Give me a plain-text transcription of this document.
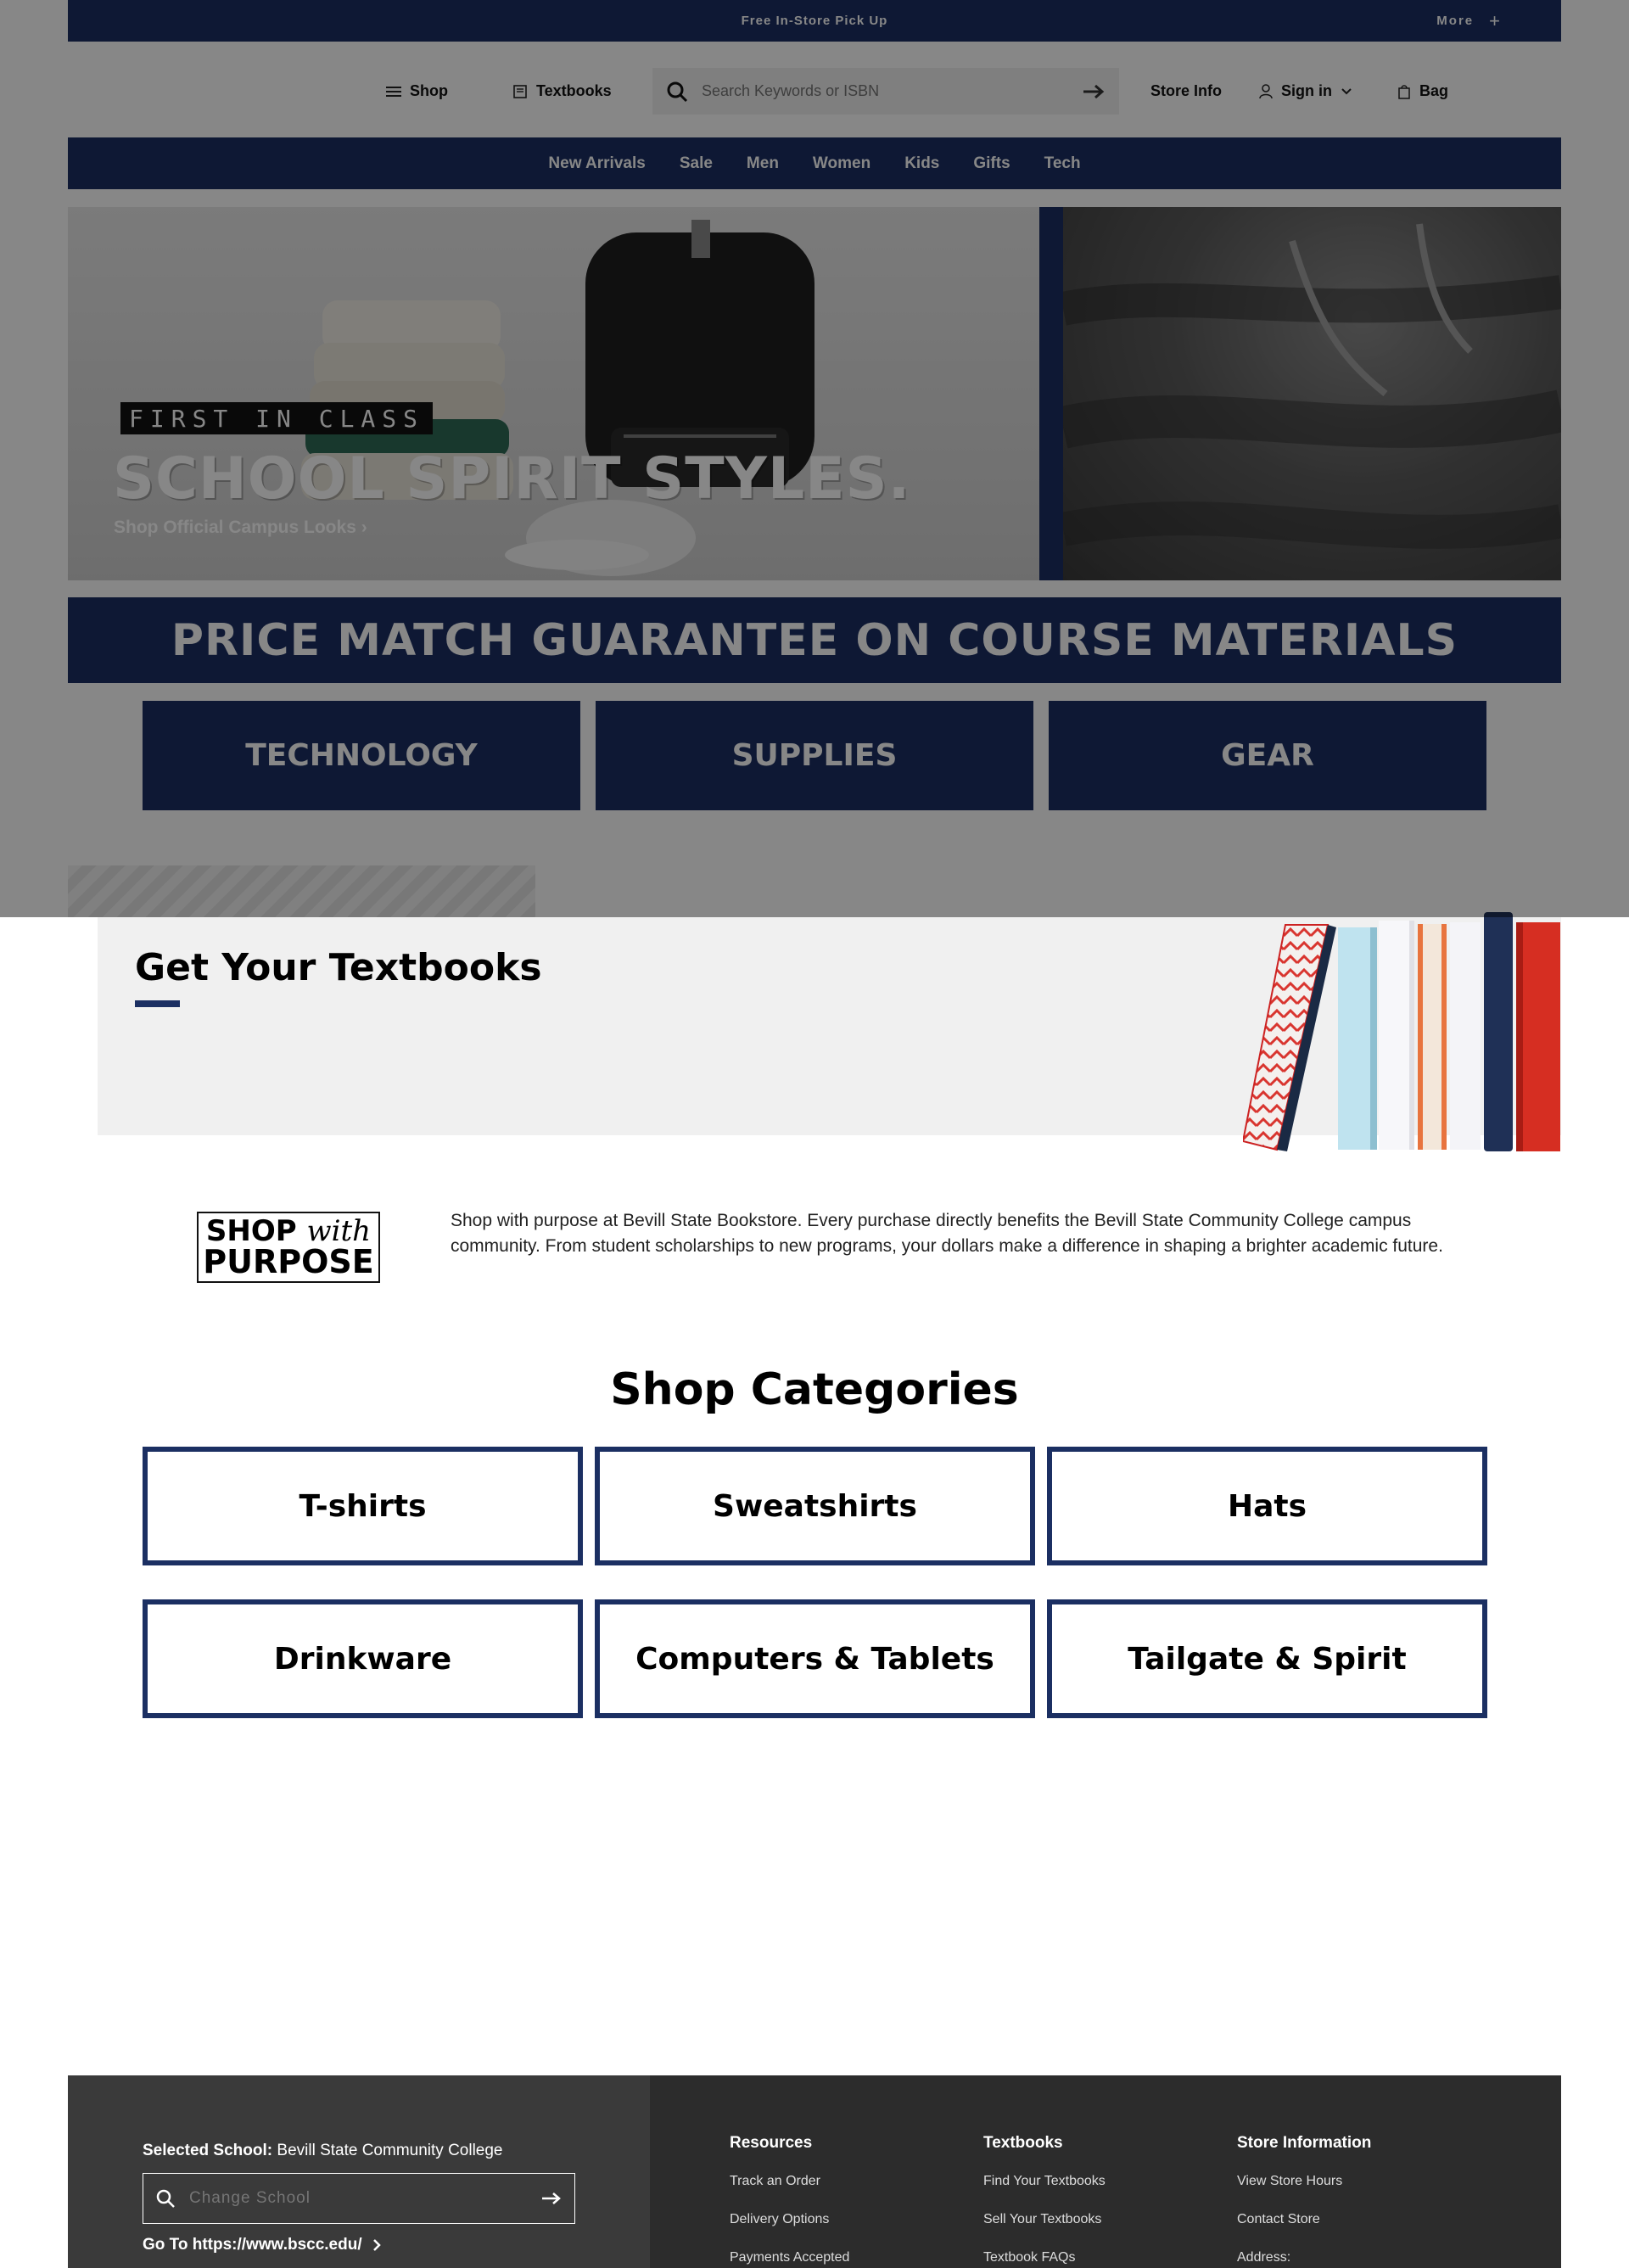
Free In-Store Pick Up	More +
Shop	Textbooks
Search Keywords or ISBN	Store Info	Sign in	Bag
New Arrivals Sale Men Women Kids Gifts Tech
FIRST IN CLASS
SCHOOL SPIRIT STYLES.
Shop Official Campus Looks ›
PRICE MATCH GUARANTEE ON COURSE MATERIALS
TECHNOLOGY	SUPPLIES	GEAR
Get Your Textbooks
SHOP with
PURPOSE

Shop with purpose at Bevill State Bookstore. Every purchase directly benefits the Bevill State Community College campus community. From student scholarships to new programs, your dollars make a difference in shaping a brighter academic future.

Shop Categories
T-shirts	Sweatshirts	Hats
Drinkware	Computers & Tablets	Tailgate & Spirit
Selected School: Bevill State Community College
Change School
Go To https://www.bscc.edu/
Resources
Track an Order
Delivery Options
Payments Accepted
Textbooks
Find Your Textbooks
Sell Your Textbooks
Textbook FAQs
Store Information
View Store Hours
Contact Store
Address:
